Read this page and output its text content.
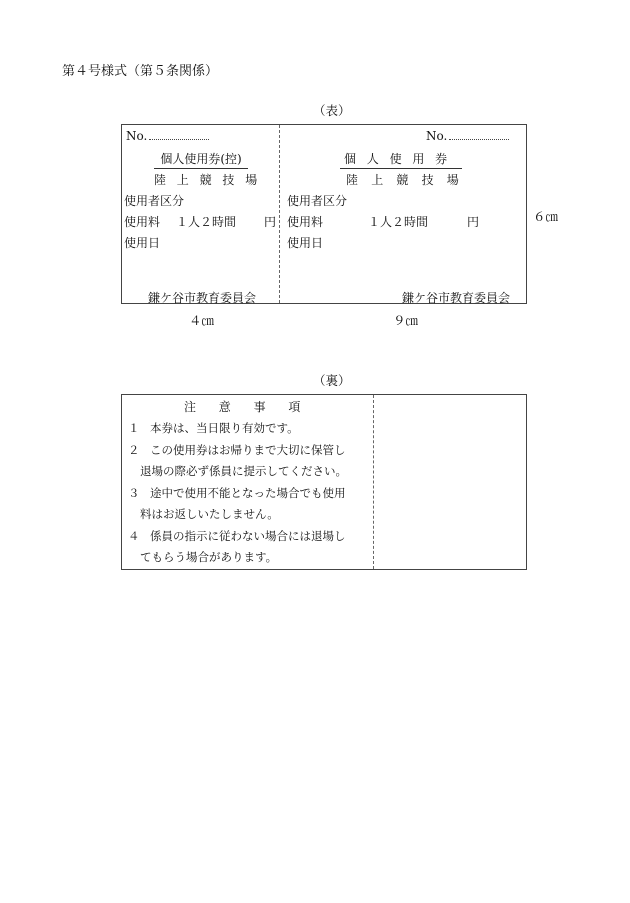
第４号様式（第５条関係）
（表）
No.
個人使用券(控)
陸上競技場
使用者区分
使用料 １人２時間 円
使用日
鎌ケ谷市教育委員会
No.
個人使用券
陸上競技場
使用者区分
使用料	１人２時間	円
使用日
鎌ケ谷市教育委員会
６㎝
４㎝	９㎝
（裏）
注意事項
１ 本券は、当日限り有効です。
２ この使用券はお帰りまで大切に保管し
退場の際必ず係員に提示してください。
３ 途中で使用不能となった場合でも使用
料はお返しいたしません。
４ 係員の指示に従わない場合には退場し
てもらう場合があります。
